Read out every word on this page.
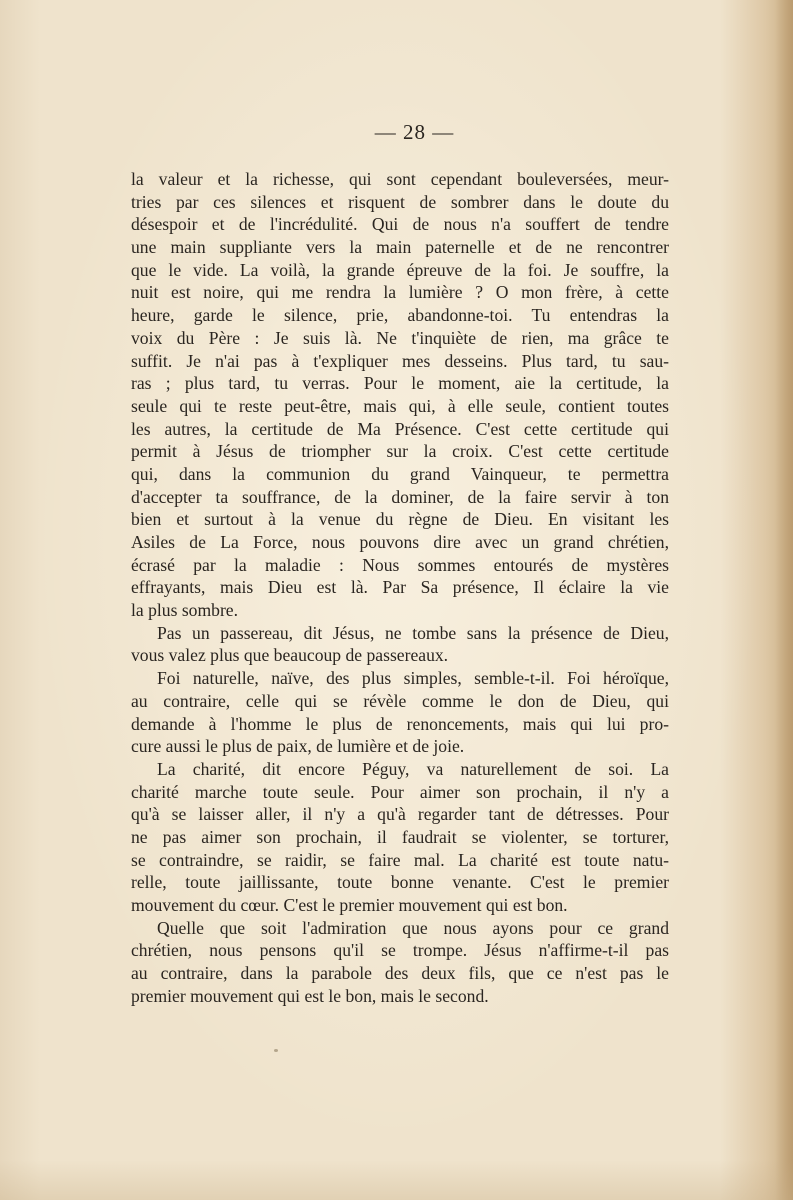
— 28 —
la valeur et la richesse, qui sont cependant bouleversées, meur-
tries par ces silences et risquent de sombrer dans le doute du
désespoir et de l'incrédulité. Qui de nous n'a souffert de tendre
une main suppliante vers la main paternelle et de ne rencontrer
que le vide. La voilà, la grande épreuve de la foi. Je souffre, la
nuit est noire, qui me rendra la lumière ? O mon frère, à cette
heure, garde le silence, prie, abandonne-toi. Tu entendras la
voix du Père : Je suis là. Ne t'inquiète de rien, ma grâce te
suffit. Je n'ai pas à t'expliquer mes desseins. Plus tard, tu sau-
ras ; plus tard, tu verras. Pour le moment, aie la certitude, la
seule qui te reste peut-être, mais qui, à elle seule, contient toutes
les autres, la certitude de Ma Présence. C'est cette certitude qui
permit à Jésus de triompher sur la croix. C'est cette certitude
qui, dans la communion du grand Vainqueur, te permettra
d'accepter ta souffrance, de la dominer, de la faire servir à ton
bien et surtout à la venue du règne de Dieu. En visitant les
Asiles de La Force, nous pouvons dire avec un grand chrétien,
écrasé par la maladie : Nous sommes entourés de mystères
effrayants, mais Dieu est là. Par Sa présence, Il éclaire la vie
la plus sombre.
Pas un passereau, dit Jésus, ne tombe sans la présence de Dieu,
vous valez plus que beaucoup de passereaux.
Foi naturelle, naïve, des plus simples, semble-t-il. Foi héroïque,
au contraire, celle qui se révèle comme le don de Dieu, qui
demande à l'homme le plus de renoncements, mais qui lui pro-
cure aussi le plus de paix, de lumière et de joie.
La charité, dit encore Péguy, va naturellement de soi. La
charité marche toute seule. Pour aimer son prochain, il n'y a
qu'à se laisser aller, il n'y a qu'à regarder tant de détresses. Pour
ne pas aimer son prochain, il faudrait se violenter, se torturer,
se contraindre, se raidir, se faire mal. La charité est toute natu-
relle, toute jaillissante, toute bonne venante. C'est le premier
mouvement du cœur. C'est le premier mouvement qui est bon.
Quelle que soit l'admiration que nous ayons pour ce grand
chrétien, nous pensons qu'il se trompe. Jésus n'affirme-t-il pas
au contraire, dans la parabole des deux fils, que ce n'est pas le
premier mouvement qui est le bon, mais le second.
